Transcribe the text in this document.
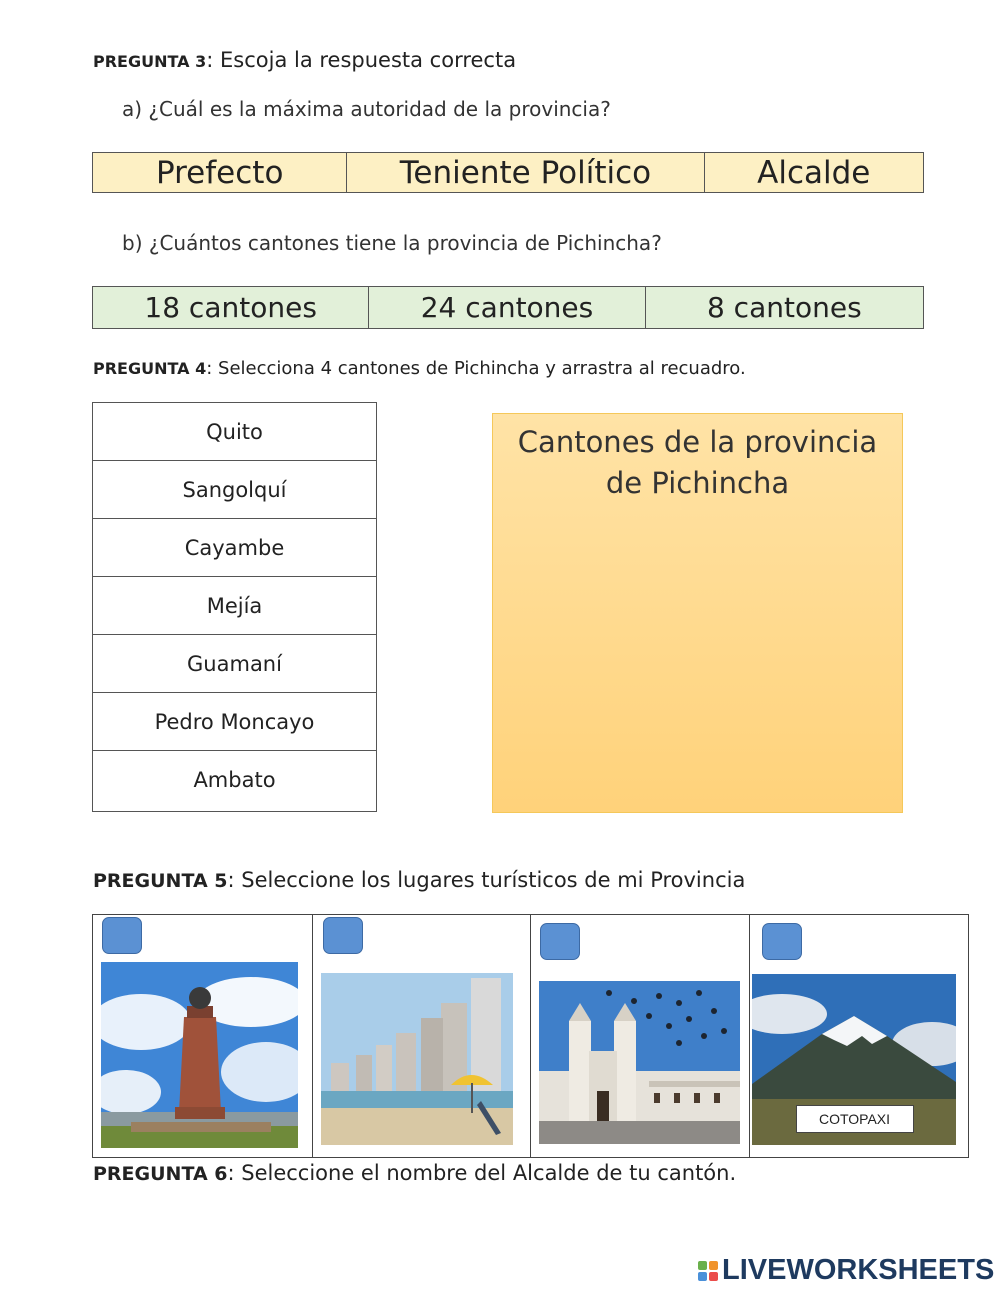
PREGUNTA 3: Escoja la respuesta correcta
a) ¿Cuál es la máxima autoridad de la provincia?
Prefecto	Teniente Político	Alcalde
b) ¿Cuántos cantones tiene la provincia de Pichincha?
18 cantones	24 cantones	8 cantones
PREGUNTA 4: Selecciona 4 cantones de Pichincha y arrastra al recuadro.
Quito
Sangolquí
Cayambe
Mejía
Guamaní
Pedro Moncayo
Ambato
Cantones de la provincia
de Pichincha
PREGUNTA 5: Seleccione los lugares turísticos de mi Provincia
COTOPAXI
PREGUNTA 6: Seleccione el nombre del Alcalde de tu cantón.
LIVEWORKSHEETS
